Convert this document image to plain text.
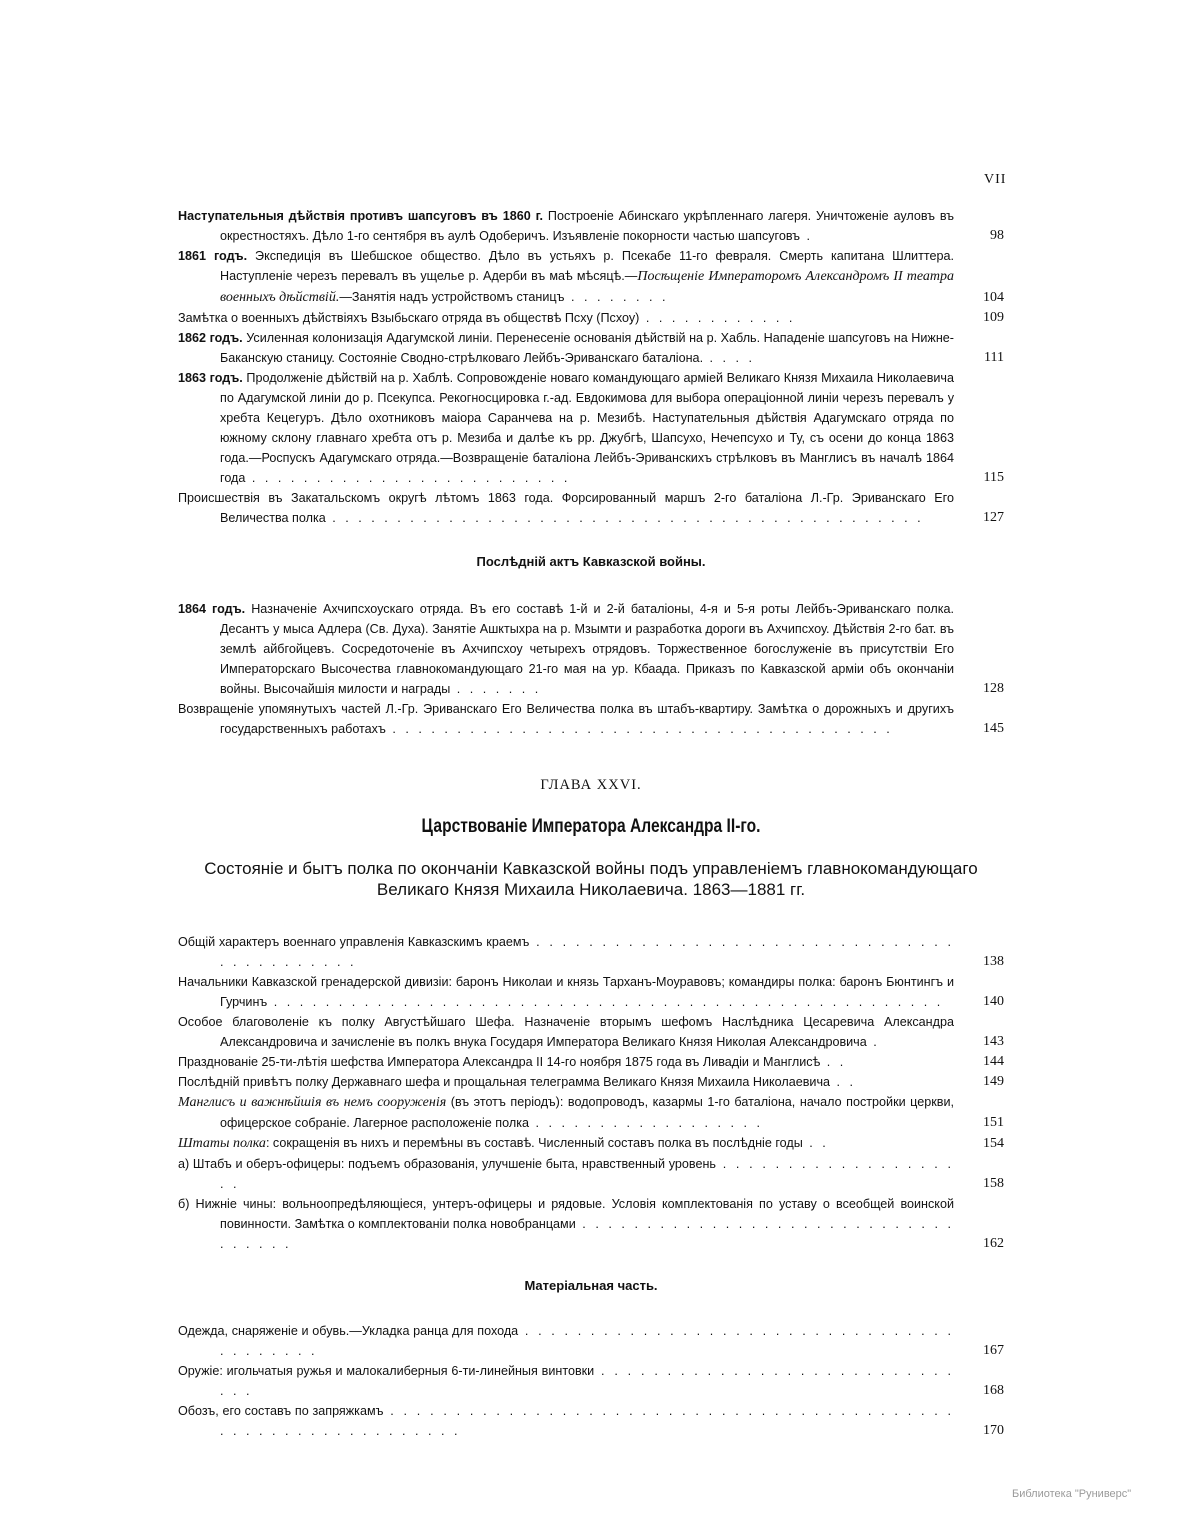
VII
Наступательныя дѣйствія противъ шапсуговъ въ 1860 г. Построеніе Абинскаго укрѣпленнаго лагеря. Уничтоженіе ауловъ въ окрестностяхъ. Дѣло 1-го сентября въ аулѣ Одоберичъ. Изъявленіе покорности частью шапсуговъ .	98
1861 годъ. Экспедиція въ Шебшское общество. Дѣло въ устьяхъ р. Псекабе 11-го февраля. Смерть капитана Шлиттера. Наступленіе черезъ перевалъ въ ущелье р. Адерби въ маѣ мѣсяцѣ.—Посѣщеніе Императоромъ Александромъ II театра военныхъ дѣйствій.—Занятія надъ устройствомъ станицъ . . . . . . . .	104
Замѣтка о военныхъ дѣйствіяхъ Взыбьскаго отряда въ обществѣ Псху (Псхоу) . . . . . . . . . . . .	109
1862 годъ. Усиленная колонизація Адагумской линіи. Перенесеніе основанія дѣйствій на р. Хабль. Нападеніе шапсуговъ на Нижне-Баканскую станицу. Состояніе Сводно-стрѣлковаго Лейбъ-Эриванскаго баталіона. . . . .	111
1863 годъ. Продолженіе дѣйствій на р. Хаблѣ. Сопровожденіе новаго командующаго арміей Великаго Князя Михаила Николаевича по Адагумской линіи до р. Псекупса. Рекогносцировка г.-ад. Евдокимова для выбора операціонной линіи черезъ перевалъ у хребта Кецегуръ. Дѣло охотниковъ маіора Саранчева на р. Мезибѣ. Наступательныя дѣйствія Адагумскаго отряда по южному склону главнаго хребта отъ р. Мезиба и далѣе къ рр. Джубгѣ, Шапсухо, Нечепсухо и Ту, съ осени до конца 1863 года.—Роспускъ Адагумскаго отряда.—Возвращеніе баталіона Лейбъ-Эриванскихъ стрѣлковъ въ Манглисъ въ началѣ 1864 года . . . . . . . . . . . . . . . . . . . . . . . . .	115
Происшествія въ Закатальскомъ округѣ лѣтомъ 1863 года. Форсированный маршъ 2-го баталіона Л.-Гр. Эриванскаго Его Величества полка . . . . . . . . . . . . . . . . . . . . . . . . . . . . . . . . . . . . . . . . . . . . . .	127
Послѣдній актъ Кавказской войны.
1864 годъ. Назначеніе Ахчипсхоускаго отряда. Въ его составѣ 1-й и 2-й баталіоны, 4-я и 5-я роты Лейбъ-Эриванскаго полка. Десантъ у мыса Адлера (Св. Духа). Занятіе Ашктыхра на р. Мзымти и разработка дороги въ Ахчипсхоу. Дѣйствія 2-го бат. въ землѣ айбгойцевъ. Сосредоточеніе въ Ахчипсхоу четырехъ отрядовъ. Торжественное богослуженіе въ присутствіи Его Императорскаго Высочества главнокомандующаго 21-го мая на ур. Кбаада. Приказъ по Кавказской арміи объ окончаніи войны. Высочайшія милости и награды . . . . . . .	128
Возвращеніе упомянутыхъ частей Л.-Гр. Эриванскаго Его Величества полка въ штабъ-квартиру. Замѣтка о дорожныхъ и другихъ государственныхъ работахъ . . . . . . . . . . . . . . . . . . . . . . . . . . . . . . . . . . . . . . .	145
ГЛАВА XXVI.
Царствованіе Императора Александра II-го.
Состояніе и бытъ полка по окончаніи Кавказской войны подъ управленіемъ главнокомандующаго Великаго Князя Михаила Николаевича. 1863—1881 гг.
Общій характеръ военнаго управленія Кавказскимъ краемъ . . . . . . . . . . . . . . . . . . . . . . . . . . . . . . . . . . . . . . . . . . .	138
Начальники Кавказской гренадерской дивизіи: баронъ Николаи и князь Тарханъ-Моуравовъ; командиры полка: баронъ Бюнтингъ и Гурчинъ . . . . . . . . . . . . . . . . . . . . . . . . . . . . . . . . . . . . . . . . . . . . . . . . . . . .	140
Особое благоволеніе къ полку Августѣйшаго Шефа. Назначеніе вторымъ шефомъ Наслѣдника Цесаревича Александра Александровича и зачисленіе въ полкъ внука Государя Императора Великаго Князя Николая Александровича .	143
Празднованіе 25-ти-лѣтія шефства Императора Александра II 14-го ноября 1875 года въ Ливадіи и Манглисѣ . .	144
Послѣдній привѣтъ полку Державнаго шефа и прощальная телеграмма Великаго Князя Михаила Николаевича . .	149
Манглисъ и важнѣйшія въ немъ сооруженія (въ этотъ періодъ): водопроводъ, казармы 1-го баталіона, начало постройки церкви, офицерское собраніе. Лагерное расположеніе полка . . . . . . . . . . . . . . . . . .	151
Штаты полка: сокращенія въ нихъ и перемѣны въ составѣ. Численный составъ полка въ послѣдніе годы . .	154
а) Штабъ и оберъ-офицеры: подъемъ образованія, улучшеніе быта, нравственный уровень . . . . . . . . . . . . . . . . . . . .	158
б) Нижніе чины: вольноопредѣляющіеся, унтеръ-офицеры и рядовые. Условія комплектованія по уставу о всеобщей воинской повинности. Замѣтка о комплектованіи полка новобранцами . . . . . . . . . . . . . . . . . . . . . . . . . . . . . . . . . . .	162
Матеріальная часть.
Одежда, снаряженіе и обувь.—Укладка ранца для похода . . . . . . . . . . . . . . . . . . . . . . . . . . . . . . . . . . . . . . . . .	167
Оружіе: игольчатыя ружья и малокалиберныя 6-ти-линейныя винтовки . . . . . . . . . . . . . . . . . . . . . . . . . . . . . .	168
Обозъ, его составъ по запряжкамъ . . . . . . . . . . . . . . . . . . . . . . . . . . . . . . . . . . . . . . . . . . . . . . . . . . . . . . . . . . . . . .	170
Библиотека "Руниверс"
